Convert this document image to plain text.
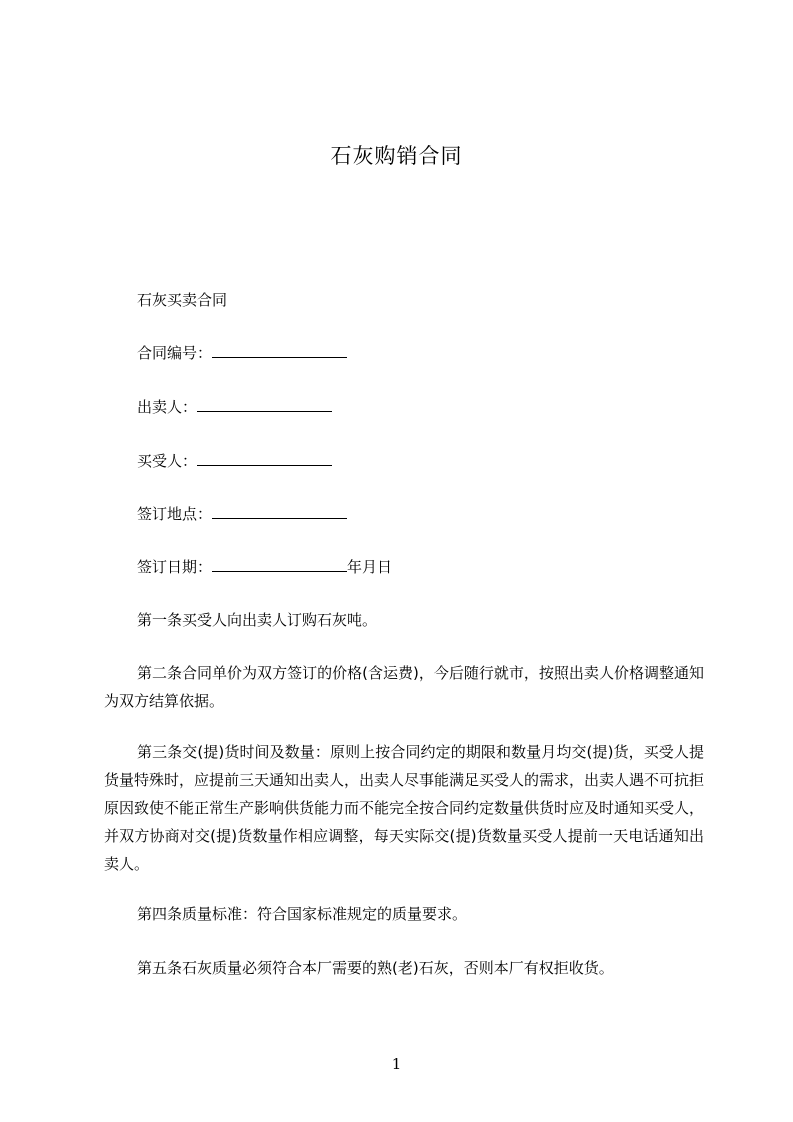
石灰购销合同
石灰买卖合同
合同编号：
出卖人：
买受人：
签订地点：
签订日期：	年月日
第一条买受人向出卖人订购石灰吨。

第二条合同单价为双方签订的价格(含运费)，今后随行就市，按照出卖人价格调整通知为双方结算依据。

第三条交(提)货时间及数量：原则上按合同约定的期限和数量月均交(提)货，买受人提货量特殊时，应提前三天通知出卖人，出卖人尽事能满足买受人的需求，出卖人遇不可抗拒原因致使不能正常生产影响供货能力而不能完全按合同约定数量供货时应及时通知买受人，并双方协商对交(提)货数量作相应调整，每天实际交(提)货数量买受人提前一天电话通知出卖人。

第四条质量标准：符合国家标准规定的质量要求。
第五条石灰质量必须符合本厂需要的熟(老)石灰，否则本厂有权拒收货。
1
